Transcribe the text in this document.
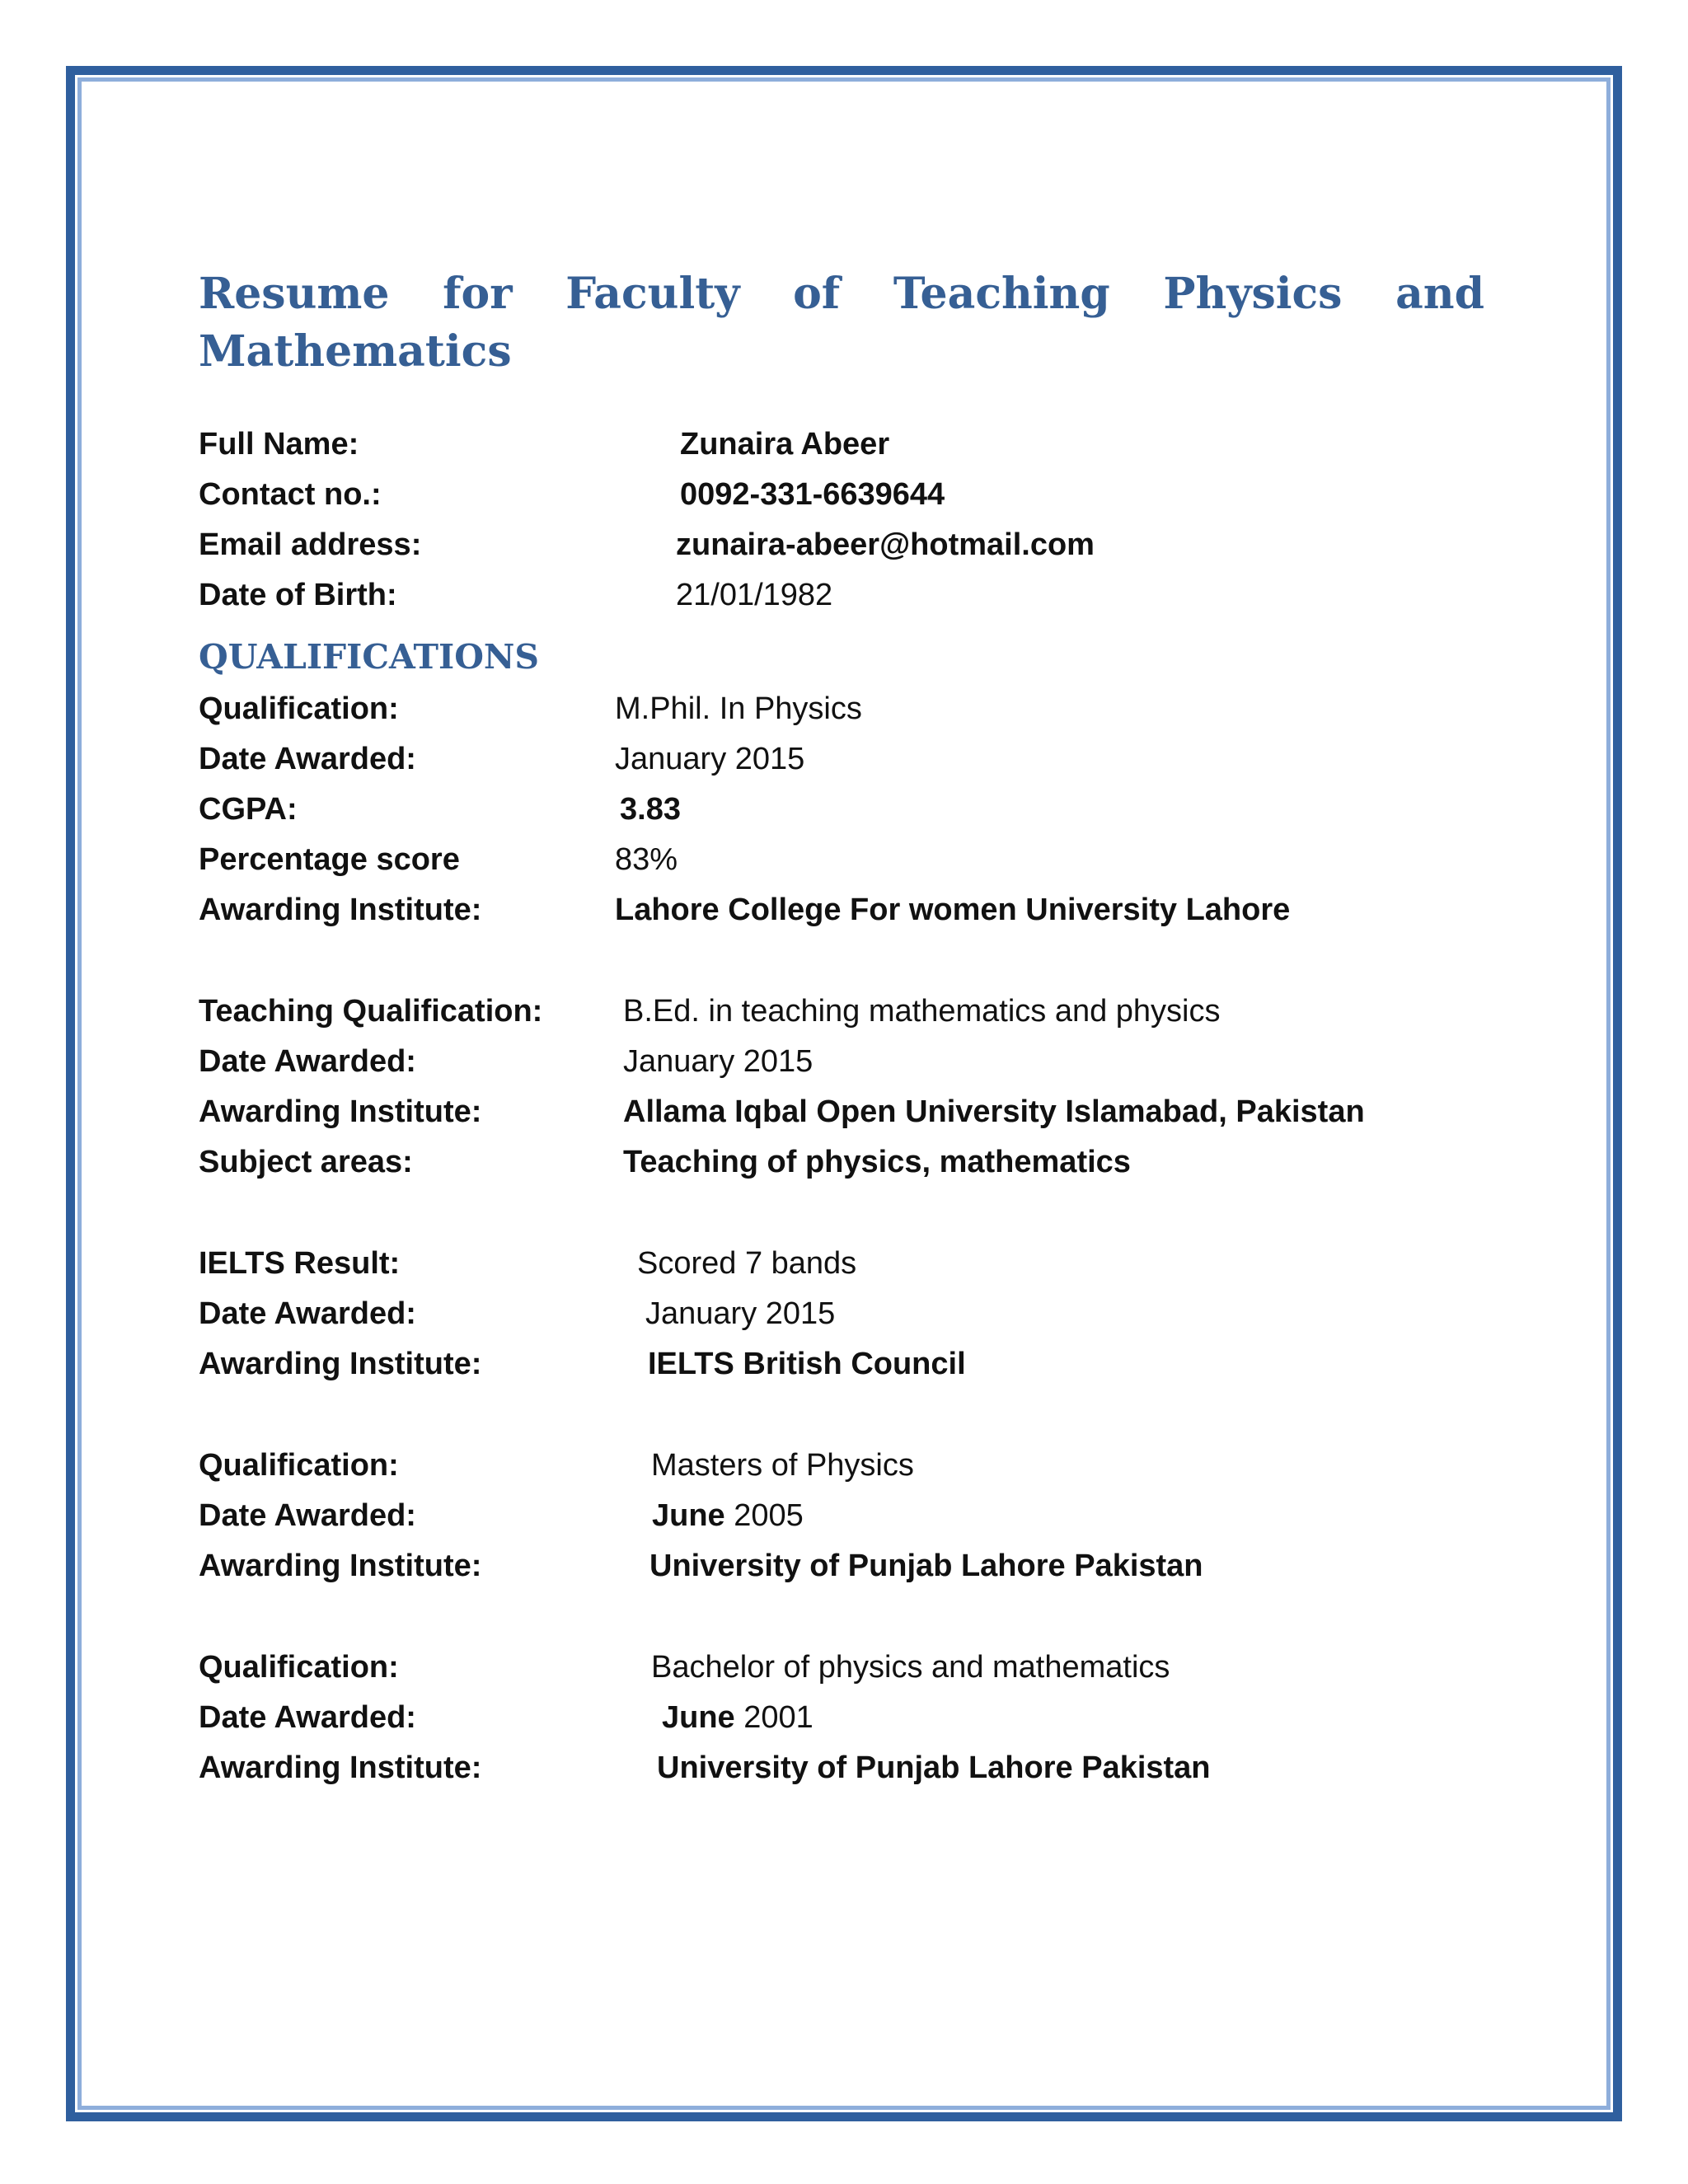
Resume for Faculty of Teaching Physics and
Mathematics
Full Name:	Zunaira Abeer
Contact no.:	0092-331-6639644
Email address:	zunaira-abeer@hotmail.com
Date of Birth:	21/01/1982
QUALIFICATIONS
Qualification:	M.Phil. In Physics
Date Awarded:	January 2015
CGPA:	3.83
Percentage score	83%
Awarding Institute:	Lahore College For women University Lahore
Teaching Qualification:	B.Ed. in teaching mathematics and physics
Date Awarded:	January 2015
Awarding Institute:	Allama Iqbal Open University Islamabad, Pakistan
Subject areas:	Teaching of physics, mathematics
IELTS Result:	Scored 7 bands
Date Awarded:	January 2015
Awarding Institute:	IELTS British Council
Qualification:	Masters of Physics
Date Awarded:	June 2005
Awarding Institute:	University of Punjab Lahore Pakistan
Qualification:	Bachelor of physics and mathematics
Date Awarded:	June 2001
Awarding Institute:	University of Punjab Lahore Pakistan
